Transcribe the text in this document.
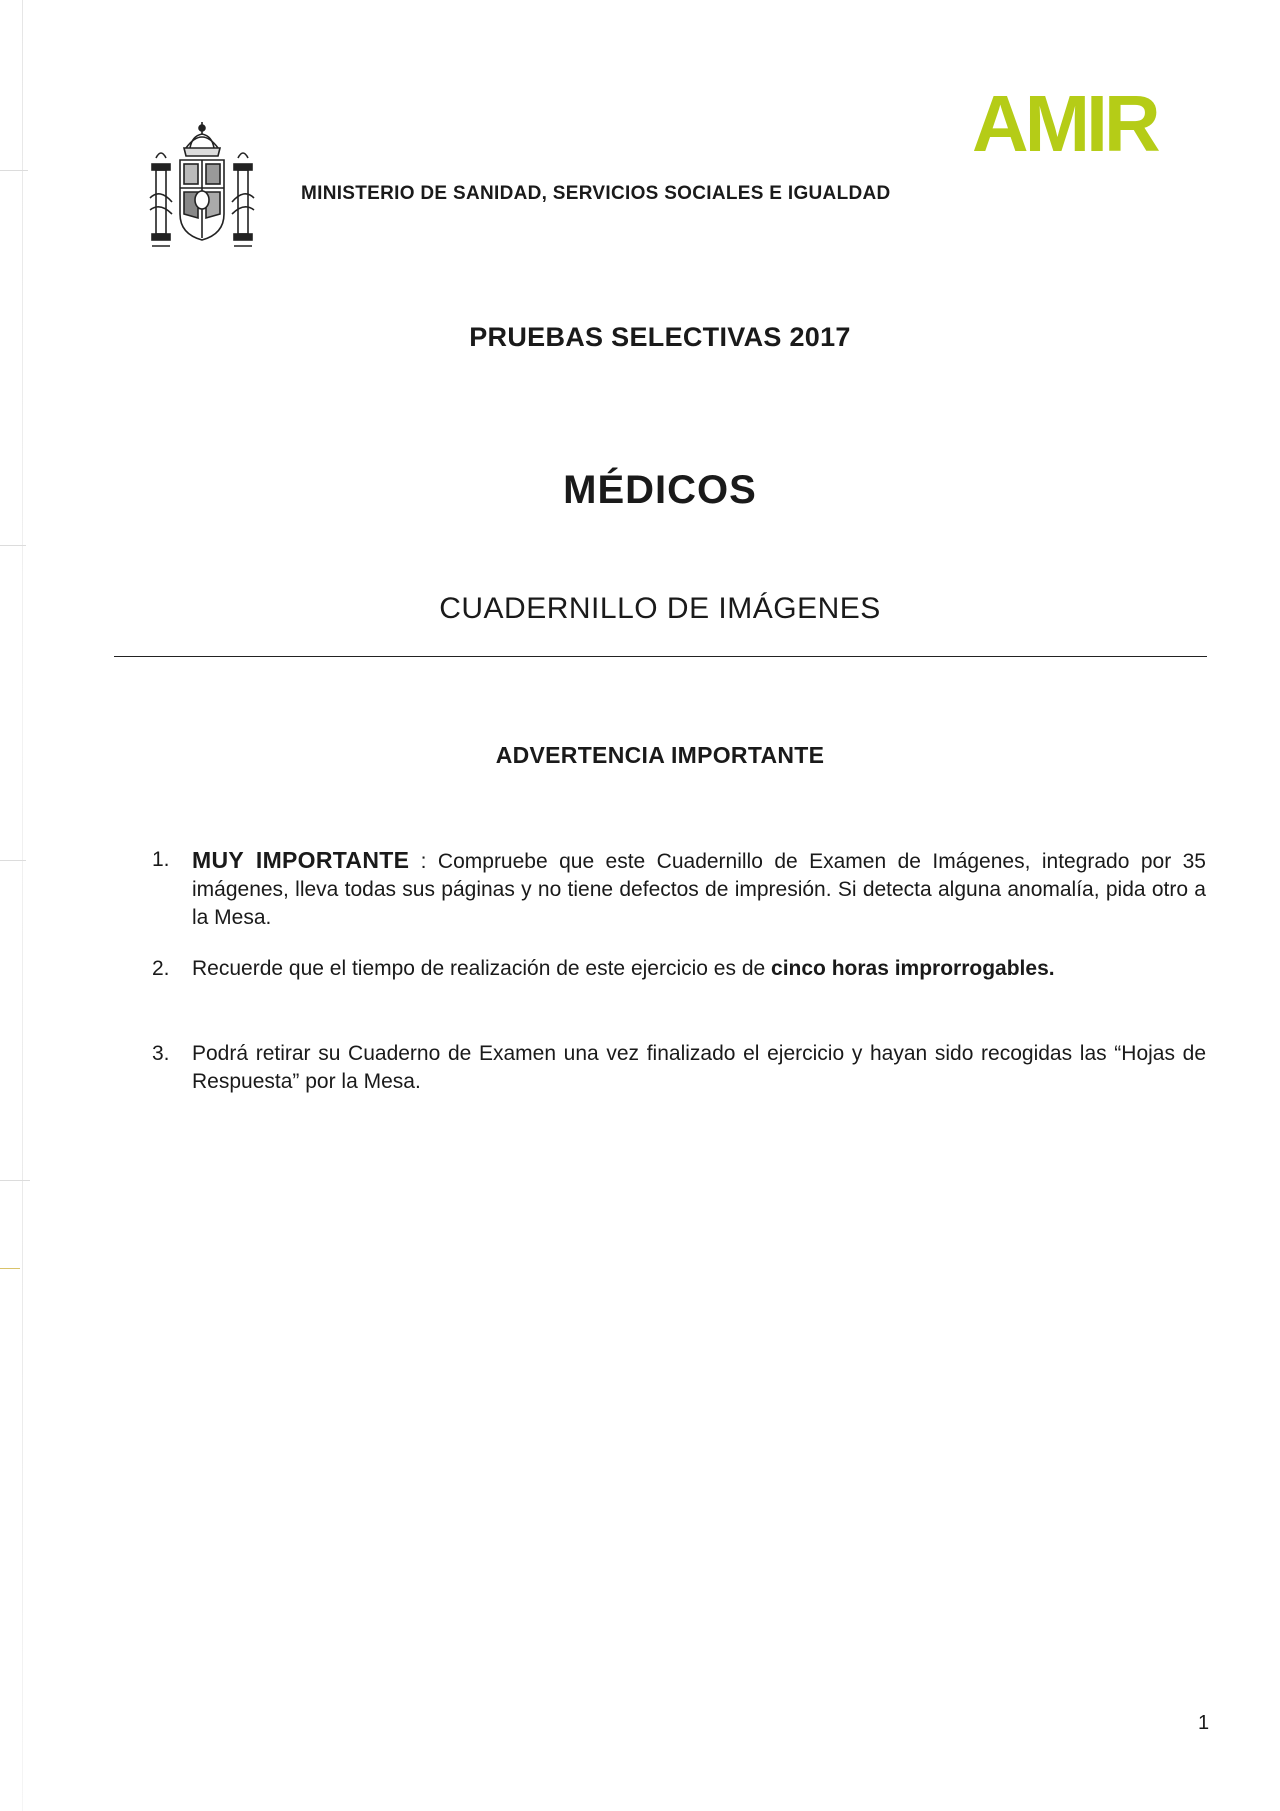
MINISTERIO DE SANIDAD, SERVICIOS SOCIALES E IGUALDAD
AMIR
PRUEBAS SELECTIVAS 2017
MÉDICOS
CUADERNILLO DE IMÁGENES
ADVERTENCIA IMPORTANTE
1. MUY IMPORTANTE : Compruebe que este Cuadernillo de Examen de Imágenes, integrado por 35 imágenes, lleva todas sus páginas y no tiene defectos de impresión. Si detecta alguna anomalía, pida otro a la Mesa.
2.	Recuerde que el tiempo de realización de este ejercicio es de cinco horas improrrogables.
3.	Podrá retirar su Cuaderno de Examen una vez finalizado el ejercicio y hayan sido recogidas las “Hojas de Respuesta” por la Mesa.
1
